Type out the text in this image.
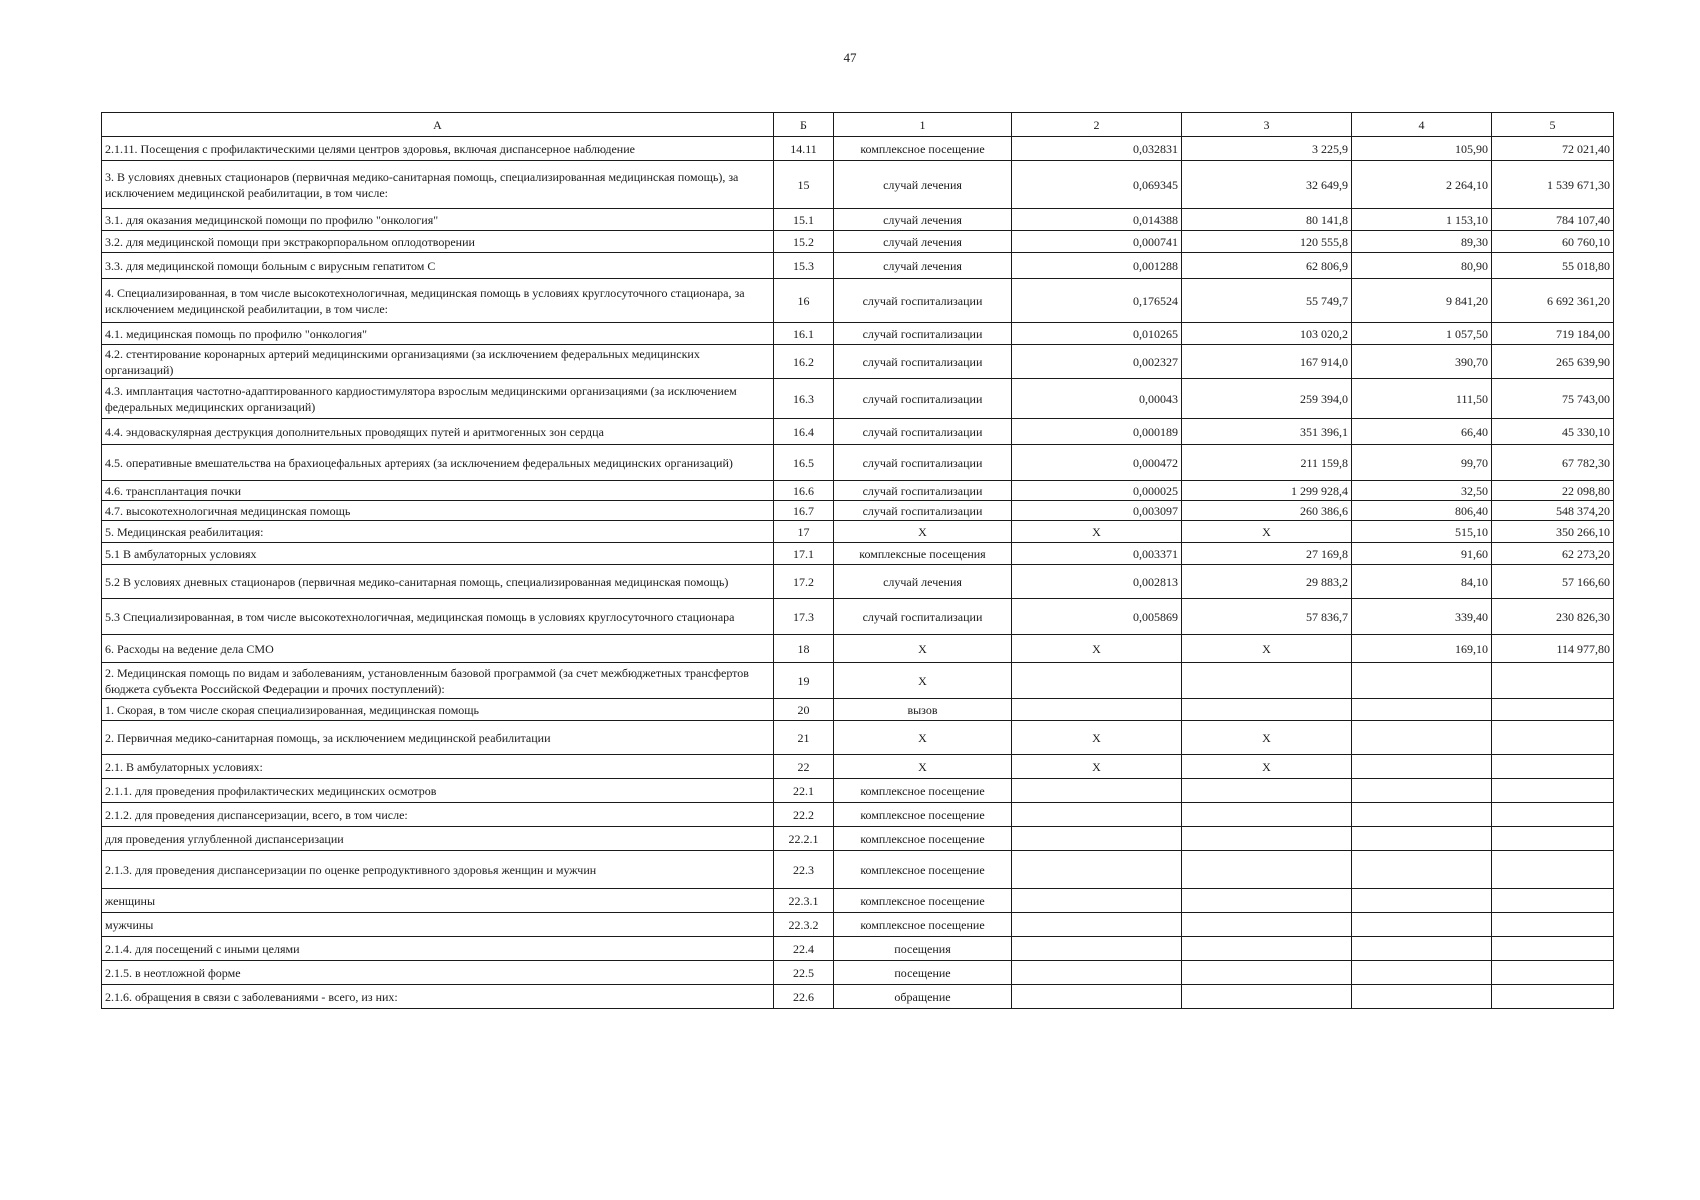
47
А	Б	1	2	3	4	5
2.1.11. Посещения с профилактическими целями центров здоровья, включая диспансерное наблюдение	14.11	комплексное посещение	0,032831	3 225,9	105,90	72 021,40
3. В условиях дневных стационаров (первичная медико-санитарная помощь, специализированная медицинская помощь), за исключением медицинской реабилитации, в том числе:	15	случай лечения	0,069345	32 649,9	2 264,10	1 539 671,30
3.1. для оказания медицинской помощи по профилю "онкология"	15.1	случай лечения	0,014388	80 141,8	1 153,10	784 107,40
3.2. для медицинской помощи при экстракорпоральном оплодотворении	15.2	случай лечения	0,000741	120 555,8	89,30	60 760,10
3.3. для медицинской помощи больным с вирусным гепатитом С	15.3	случай лечения	0,001288	62 806,9	80,90	55 018,80
4. Специализированная, в том числе высокотехнологичная, медицинская помощь в условиях круглосуточного стационара, за исключением медицинской реабилитации, в том числе:	16	случай госпитализации	0,176524	55 749,7	9 841,20	6 692 361,20
4.1. медицинская помощь по профилю "онкология"	16.1	случай госпитализации	0,010265	103 020,2	1 057,50	719 184,00
4.2. стентирование коронарных артерий медицинскими организациями (за исключением федеральных медицинских организаций)	16.2	случай госпитализации	0,002327	167 914,0	390,70	265 639,90
4.3. имплантация частотно-адаптированного кардиостимулятора взрослым медицинскими организациями (за исключением федеральных медицинских организаций)	16.3	случай госпитализации	0,00043	259 394,0	111,50	75 743,00
4.4. эндоваскулярная деструкция дополнительных проводящих путей и аритмогенных зон сердца	16.4	случай госпитализации	0,000189	351 396,1	66,40	45 330,10
4.5. оперативные вмешательства на брахиоцефальных артериях (за исключением федеральных медицинских организаций)	16.5	случай госпитализации	0,000472	211 159,8	99,70	67 782,30
4.6. трансплантация почки	16.6	случай госпитализации	0,000025	1 299 928,4	32,50	22 098,80
4.7. высокотехнологичная медицинская помощь	16.7	случай госпитализации	0,003097	260 386,6	806,40	548 374,20
5. Медицинская реабилитация:	17	X	X	X	515,10	350 266,10
5.1 В амбулаторных условиях	17.1	комплексные посещения	0,003371	27 169,8	91,60	62 273,20
5.2 В условиях дневных стационаров (первичная медико-санитарная помощь, специализированная медицинская помощь)	17.2	случай лечения	0,002813	29 883,2	84,10	57 166,60
5.3 Специализированная, в том числе высокотехнологичная, медицинская помощь в условиях круглосуточного стационара	17.3	случай госпитализации	0,005869	57 836,7	339,40	230 826,30
6. Расходы на ведение дела СМО	18	X	X	X	169,10	114 977,80
2. Медицинская помощь по видам и заболеваниям, установленным базовой программой (за счет межбюджетных трансфертов бюджета субъекта Российской Федерации и прочих поступлений):	19	X				
1. Скорая, в том числе скорая специализированная, медицинская помощь	20	вызов				
2. Первичная медико-санитарная помощь, за исключением медицинской реабилитации	21	X	X	X		
2.1. В амбулаторных условиях:	22	X	X	X		
2.1.1. для проведения профилактических медицинских осмотров	22.1	комплексное посещение				
2.1.2. для проведения диспансеризации, всего, в том числе:	22.2	комплексное посещение				
для проведения углубленной диспансеризации	22.2.1	комплексное посещение				
2.1.3. для проведения диспансеризации по оценке репродуктивного здоровья женщин и мужчин	22.3	комплексное посещение				
женщины	22.3.1	комплексное посещение				
мужчины	22.3.2	комплексное посещение				
2.1.4. для посещений с иными целями	22.4	посещения				
2.1.5. в неотложной форме	22.5	посещение				
2.1.6. обращения в связи с заболеваниями - всего, из них:	22.6	обращение				
